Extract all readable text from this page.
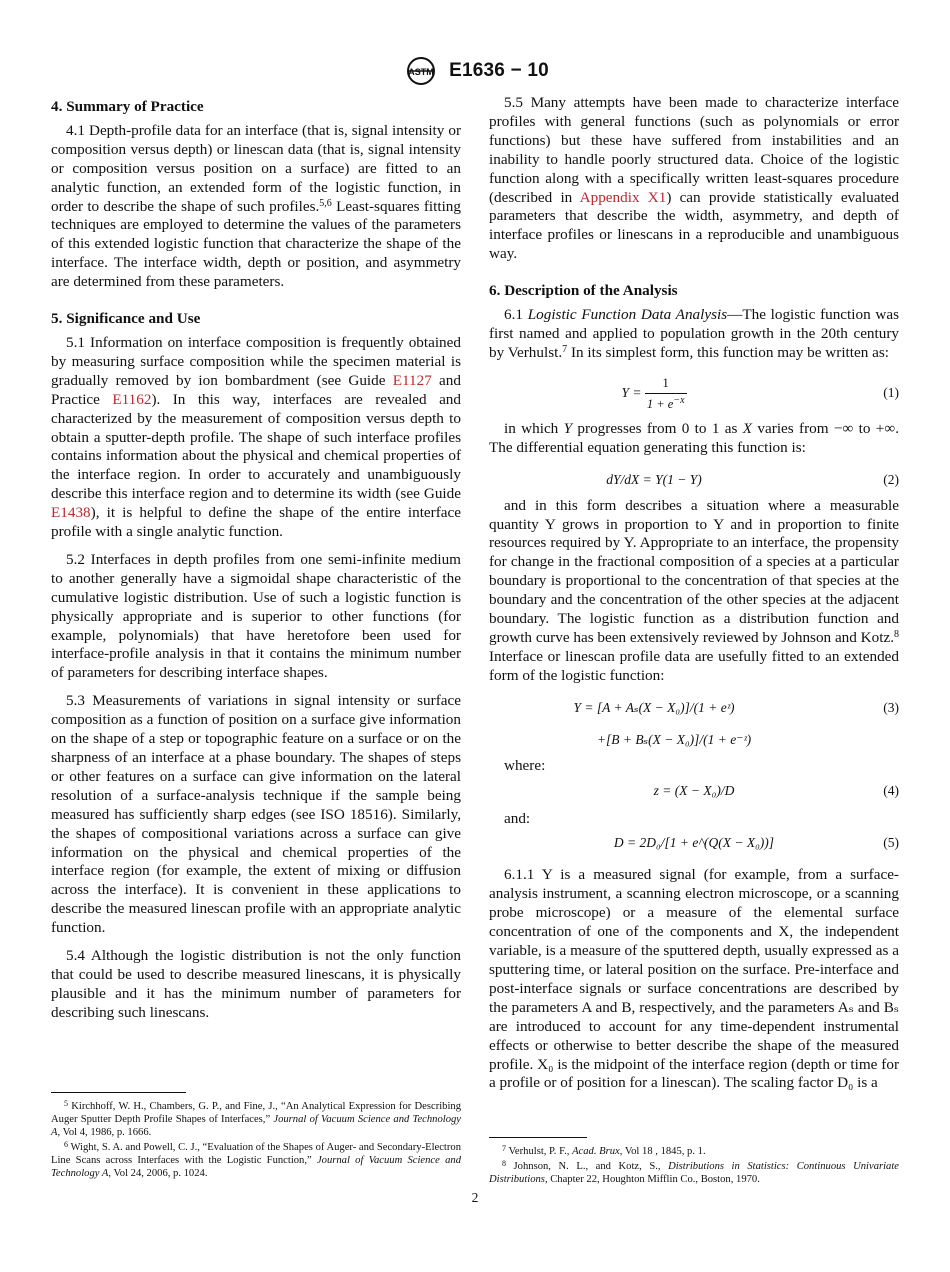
ASTM E1636 − 10
4. Summary of Practice

4.1 Depth-profile data for an interface (that is, signal intensity or composition versus depth) or linescan data (that is, signal intensity or composition versus position on a surface) are fitted to an analytic function, an extended form of the logistic function, in order to describe the shape of such profiles.$^{5,6}$ Least-squares fitting techniques are employed to determine the values of the parameters of this extended logistic function that characterize the shape of the interface. The interface width, depth or position, and asymmetry are determined from these parameters.

5. Significance and Use

5.1 Information on interface composition is frequently obtained by measuring surface composition while the specimen material is gradually removed by ion bombardment (see Guide E1127 and Practice E1162). In this way, interfaces are revealed and characterized by the measurement of composition versus depth to obtain a sputter-depth profile. The shape of such interface profiles contains information about the physical and chemical properties of the interface region. In order to accurately and unambiguously describe this interface region and to determine its width (see Guide E1438), it is helpful to define the shape of the entire interface profile with a single analytic function.

5.2 Interfaces in depth profiles from one semi-infinite medium to another generally have a sigmoidal shape characteristic of the cumulative logistic distribution. Use of such a logistic function is physically appropriate and is superior to other functions (for example, polynomials) that have heretofore been used for interface-profile analysis in that it contains the minimum number of parameters for describing interface shapes.

5.3 Measurements of variations in signal intensity or surface composition as a function of position on a surface give information on the shape of a step or topographic feature on a surface or on the sharpness of an interface at a phase boundary. The shapes of steps or other features on a surface can give information on the lateral resolution of a surface-analysis technique if the sample being measured has sufficiently sharp edges (see ISO 18516). Similarly, the shapes of compositional variations across a surface can give information on the physical and chemical properties of the interface region (for example, the extent of mixing or diffusion across the interface). It is convenient in these applications to describe the measured linescan profile with an appropriate analytic function.

5.4 Although the logistic distribution is not the only function that could be used to describe measured linescans, it is physically plausible and it has the minimum number of parameters for describing such linescans.

$^5$ Kirchhoff, W. H., Chambers, G. P., and Fine, J., “An Analytical Expression for Describing Auger Sputter Depth Profile Shapes of Interfaces,” Journal of Vacuum Science and Technology A, Vol 4, 1986, p. 1666.

$^6$ Wight, S. A. and Powell, C. J., “Evaluation of the Shapes of Auger- and Secondary-Electron Line Scans across Interfaces with the Logistic Function,” Journal of Vacuum Science and Technology A, Vol 24, 2006, p. 1024.

5.5 Many attempts have been made to characterize interface profiles with general functions (such as polynomials or error functions) but these have suffered from instabilities and an inability to handle poorly structured data. Choice of the logistic function along with a specifically written least-squares procedure (described in Appendix X1) can provide statistically evaluated parameters that describe the width, asymmetry, and depth of interface profiles or linescans in a reproducible and unambiguous way.

6. Description of the Analysis

6.1 Logistic Function Data Analysis—The logistic function was first named and applied to population growth in the 20th century by Verhulst.$^7$ In its simplest form, this function may be written as:

$Y = \frac{1}{1 + e^{-x}}$	(1)

in which Y progresses from 0 to 1 as X varies from −∞ to +∞. The differential equation generating this function is:

dY/dX = Y(1 − Y)	(2)

and in this form describes a situation where a measurable quantity Y grows in proportion to Y and in proportion to finite resources required by Y. Appropriate to an interface, the propensity for change in the fractional composition of a species at a particular boundary is proportional to the concentration of that species at the boundary and the concentration of the other species at the adjacent boundary. The logistic function as a distribution function and growth curve has been extensively reviewed by Johnson and Kotz.$^8$ Interface or linescan profile data are usefully fitted to an extended form of the logistic function:

Y = [A + Aₛ(X − X₀)]/(1 + eᶻ)	(3)
+[B + Bₛ(X − X₀)]/(1 + e⁻ᶻ)

where:

z = (X − X₀)/D	(4)

and:

D = 2D₀/[1 + e^(Q(X − X₀))]	(5)

6.1.1 Y is a measured signal (for example, from a surface-analysis instrument, a scanning electron microscope, or a scanning probe microscope) or a measure of the elemental surface concentration of one of the components and X, the independent variable, is a measure of the sputtered depth, usually expressed as a sputtering time, or lateral position on the surface. Pre-interface and post-interface signals or surface concentrations are described by the parameters A and B, respectively, and the parameters Aₛ and Bₛ are introduced to account for any time-dependent instrumental effects or otherwise to better describe the shape of the measured profile. X₀ is the midpoint of the interface region (depth or time for a profile or of position for a linescan). The scaling factor D₀ is a

$^7$ Verhulst, P. F., Acad. Brux, Vol 18 , 1845, p. 1.

$^8$ Johnson, N. L., and Kotz, S., Distributions in Statistics: Continuous Univariate Distributions, Chapter 22, Houghton Mifflin Co., Boston, 1970.

2
